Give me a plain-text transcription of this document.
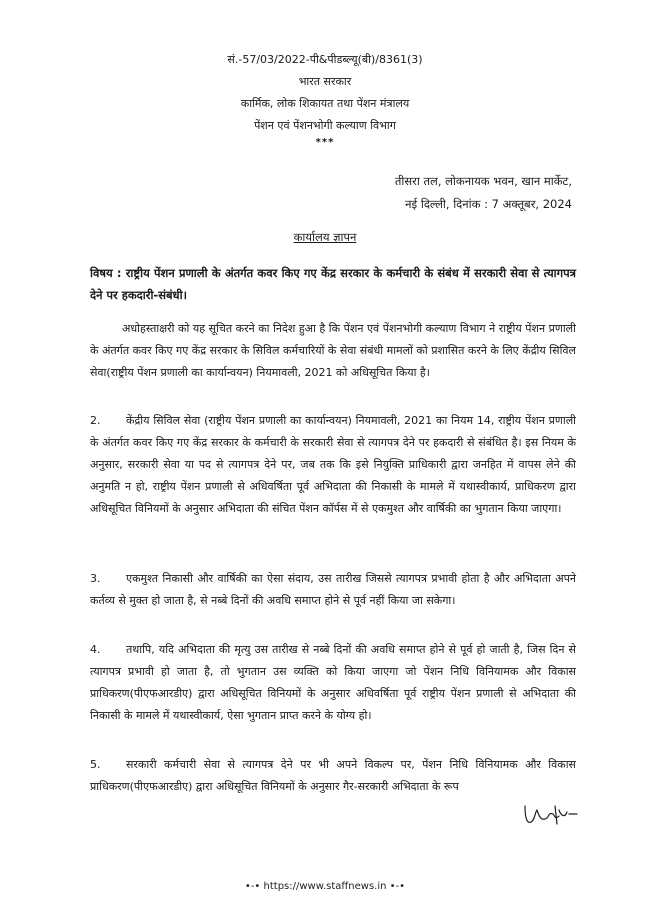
सं.-57/03/2022-पी&पीडब्ल्यू(बी)/8361(3)
भारत सरकार
कार्मिक, लोक शिकायत तथा पेंशन मंत्रालय
पेंशन एवं पेंशनभोगी कल्याण विभाग
***
तीसरा तल, लोकनायक भवन, खान मार्केट,
नई दिल्ली, दिनांक : 7 अक्तूबर, 2024
कार्यालय ज्ञापन
विषय : राष्ट्रीय पेंशन प्रणाली के अंतर्गत कवर किए गए केंद्र सरकार के कर्मचारी के संबंध में सरकारी सेवा से त्यागपत्र देने पर हकदारी-संबंधी।
अधोहस्ताक्षरी को यह सूचित करने का निदेश हुआ है कि पेंशन एवं पेंशनभोगी कल्याण विभाग ने राष्ट्रीय पेंशन प्रणाली के अंतर्गत कवर किए गए केंद्र सरकार के सिविल कर्मचारियों के सेवा संबंधी मामलों को प्रशासित करने के लिए केंद्रीय सिविल सेवा(राष्ट्रीय पेंशन प्रणाली का कार्यान्वयन) नियमावली, 2021 को अधिसूचित किया है।
2. केंद्रीय सिविल सेवा (राष्ट्रीय पेंशन प्रणाली का कार्यान्वयन) नियमावली, 2021 का नियम 14, राष्ट्रीय पेंशन प्रणाली के अंतर्गत कवर किए गए केंद्र सरकार के कर्मचारी के सरकारी सेवा से त्यागपत्र देने पर हकदारी से संबंधित है। इस नियम के अनुसार, सरकारी सेवा या पद से त्यागपत्र देने पर, जब तक कि इसे नियुक्ति प्राधिकारी द्वारा जनहित में वापस लेने की अनुमति न हो, राष्ट्रीय पेंशन प्रणाली से अधिवर्षिता पूर्व अभिदाता की निकासी के मामले में यथास्वीकार्य, प्राधिकरण द्वारा अधिसूचित विनियमों के अनुसार अभिदाता की संचित पेंशन कॉर्पस में से एकमुश्त और वार्षिकी का भुगतान किया जाएगा।
3. एकमुश्त निकासी और वार्षिकी का ऐसा संदाय, उस तारीख जिससे त्यागपत्र प्रभावी होता है और अभिदाता अपने कर्तव्य से मुक्त हो जाता है, से नब्बे दिनों की अवधि समाप्त होने से पूर्व नहीं किया जा सकेगा।
4. तथापि, यदि अभिदाता की मृत्यु उस तारीख से नब्बे दिनों की अवधि समाप्त होने से पूर्व हो जाती है, जिस दिन से त्यागपत्र प्रभावी हो जाता है, तो भुगतान उस व्यक्ति को किया जाएगा जो पेंशन निधि विनियामक और विकास प्राधिकरण(पीएफआरडीए) द्वारा अधिसूचित विनियमों के अनुसार अधिवर्षिता पूर्व राष्ट्रीय पेंशन प्रणाली से अभिदाता की निकासी के मामले में यथास्वीकार्य, ऐसा भुगतान प्राप्त करने के योग्य हो।
5. सरकारी कर्मचारी सेवा से त्यागपत्र देने पर भी अपने विकल्प पर, पेंशन निधि विनियामक और विकास प्राधिकरण(पीएफआरडीए) द्वारा अधिसूचित विनियमों के अनुसार गैर-सरकारी अभिदाता के रूप
•-• https://www.staffnews.in •-•
